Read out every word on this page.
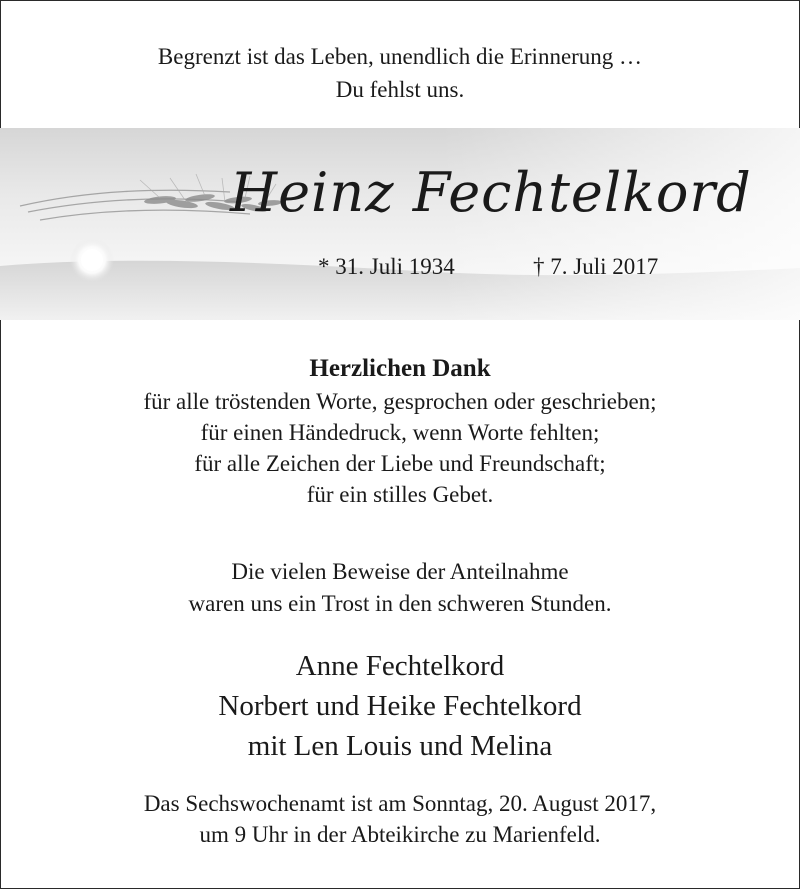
Begrenzt ist das Leben, unendlich die Erinnerung …
Du fehlst uns.
Heinz Fechtelkord
* 31. Juli 1934	† 7. Juli 2017
Herzlichen Dank
für alle tröstenden Worte, gesprochen oder geschrieben;
für einen Händedruck, wenn Worte fehlten;
für alle Zeichen der Liebe und Freundschaft;
für ein stilles Gebet.
Die vielen Beweise der Anteilnahme
waren uns ein Trost in den schweren Stunden.
Anne Fechtelkord
Norbert und Heike Fechtelkord
mit Len Louis und Melina
Das Sechswochenamt ist am Sonntag, 20. August 2017,
um 9 Uhr in der Abteikirche zu Marienfeld.
